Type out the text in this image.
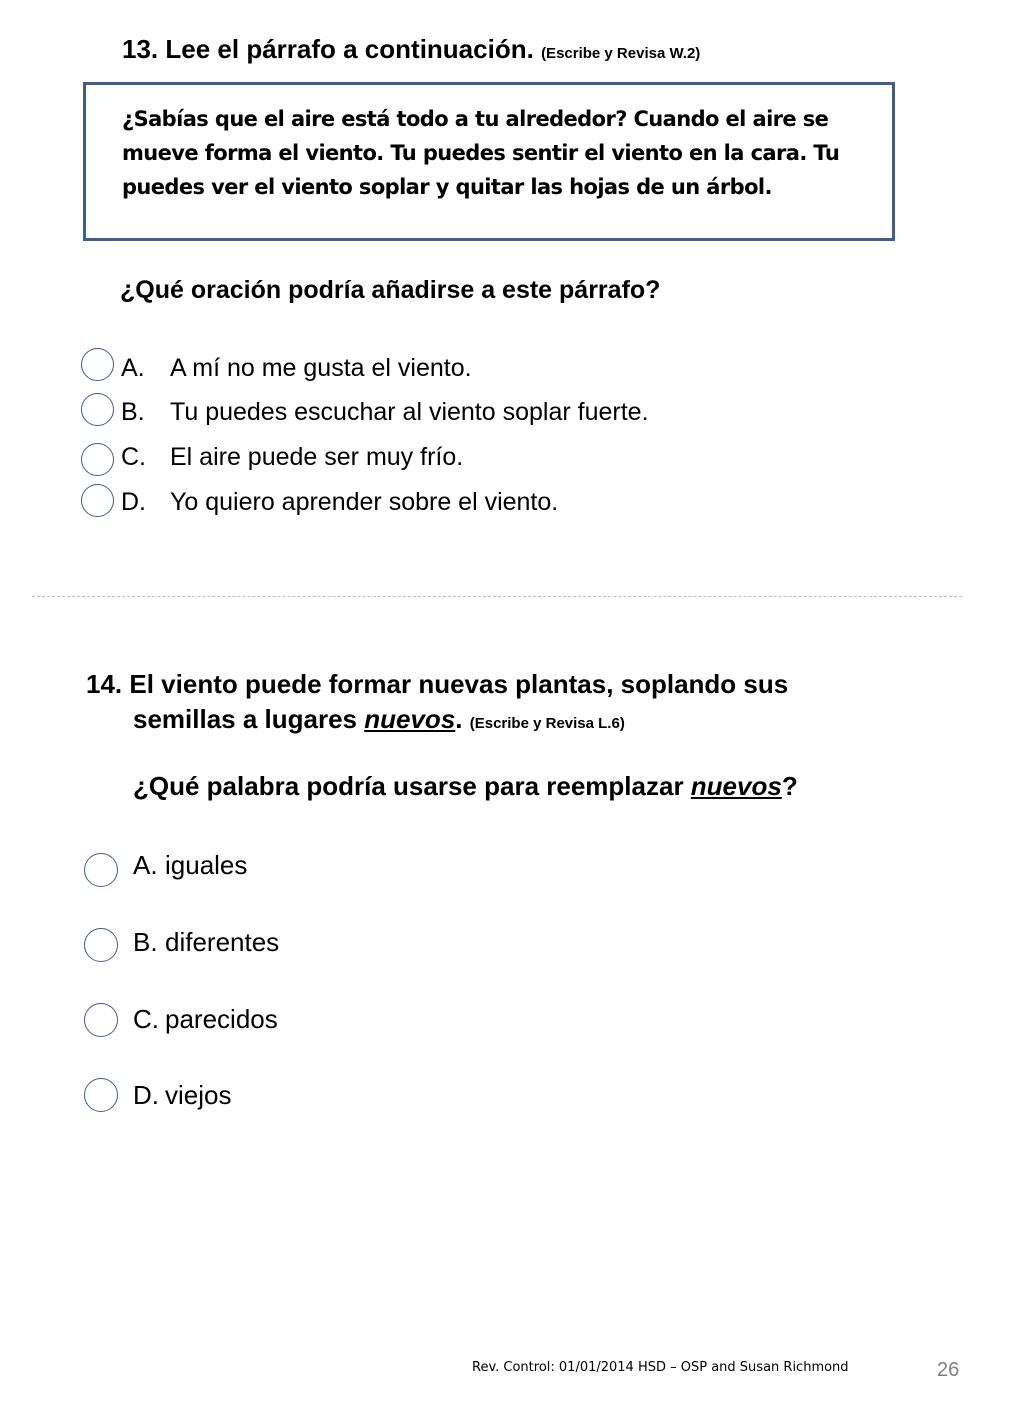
13. Lee el párrafo a continuación. (Escribe y Revisa W.2)
¿Sabías que el aire está todo a tu alrededor? Cuando el aire se
mueve forma el viento. Tu puedes sentir el viento en la cara. Tu
puedes ver el viento soplar y quitar las hojas de un árbol.
¿Qué oración podría añadirse a este párrafo?
A. A mí no me gusta el viento.
B. Tu puedes escuchar al viento soplar fuerte.
C. El aire puede ser muy frío.
D. Yo quiero aprender sobre el viento.
14. El viento puede formar nuevas plantas, soplando sus
semillas a lugares nuevos. (Escribe y Revisa L.6)
¿Qué palabra podría usarse para reemplazar nuevos?
A. iguales
B. diferentes
C. parecidos
D. viejos
Rev. Control: 01/01/2014 HSD – OSP and Susan Richmond	26
